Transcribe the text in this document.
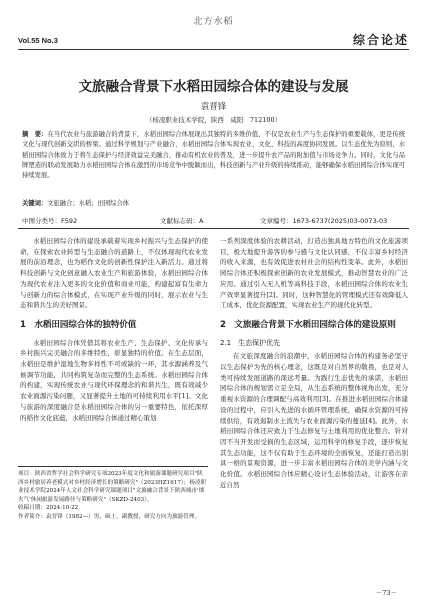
北方水稻
Vol.55 No.3	综合论述
文旅融合背景下水稻田园综合体的建设与发展
袁晋锋
（杨凌职业技术学院，陕西　咸阳　712100）
摘　要：在当代农业与旅游融合的背景下，水稻田园综合体展现出其独特的多维价值，不仅是农业生产与生态保护的重要载体，更是传统文化与现代创新交织的桥梁。通过科学规划与产业融合，水稻田园综合体实现农业、文化、科技的高度协同发展。以生态优先为原则，水稻田园综合体致力于将生态保护与经济效益完美融合，推动有机农业的普及，进一步提升农产品的附加值与市场竞争力。同时，文化与品牌塑造的联动发展助力水稻田园综合体在激烈的市场竞争中脱颖而出，科技创新与产业升级的持续推动，能够确保水稻田园综合体实现可持续发展。
关键词：文旅融合；水稻；田园综合体
中图分类号：F592	文献标志码：A	文章编号：1673-6737(2025)03-0073-03

水稻田园综合体的建设承载着实现乡村振兴与生态保护的使命，在探索农业转型与生态融合的道路上，不仅体现现代农业发展的前沿理念，也为稻作文化的创新性保护注入新活力。通过将科技创新与文化创意融入农业生产和旅游体验，水稻田园综合体为现代农业注入更多的文化价值和商业可能，构建起富有生命力与创新力的综合体模式，在实现产业升级的同时，展示农业与生态和谐共生的美好图景。

1　水稻田园综合体的独特价值

水稻田园综合体凭借其将农业生产、生态保护、文化传承与乡村振兴完美融合的多维特性，彰显独特的价值。在生态层面，水稻田是维护湿地生物多样性不可或缺的一环，其水源涵养及气候调节功能，共同构筑复杂而完整的生态系统。水稻田园综合体的构建，实现传统农业与现代环保理念的和谐共生，既有效减少农业面源污染问题，又显著提升土地的可持续利用水平[1]。文化与旅游的深度融合是水稻田园综合体的另一重要特色，依托深厚的稻作文化底蕴，水稻田园综合体通过精心策划

一系列深度体验的农耕活动，打造出独具地方特色的文化旅游项目，极大地提升游客的参与感与文化认同感，不仅丰富乡村经济的收入来源，也有效促进农村社会的结构性变革。此外，水稻田园综合体还积极探索创新的农业发展模式，推动智慧农业的广泛应用。通过引入无人机等高科技手段，水稻田园综合体的农业生产效率显著提升[2]。同时，这种智慧化的管理模式还有效降低人工成本，优化资源配置，实现农业生产的现代化转型。

2　文旅融合背景下水稻田园综合体的建设原则
2.1　生态保护优先

在文旅深度融合的浪潮中，水稻田园综合体的构建务必坚守以生态保护为先的核心理念，这既是对自然界的敬畏，也是对人类可持续发展道路的深远考量。为践行生态优先的承诺，水稻田园综合体的规划需立足全局，从生态系统的整体视角出发，充分重视水资源的合理调配与高效利用[3]。在推进水稻田园综合体建设的过程中，应引入先进的水循环管理系统，确保水资源的可持续供给，有效遏制水土流失与农业面源污染的蔓延[4]。此外，水稻田园综合体还应致力于生态修复与土地利用的优化整合。针对因不当开发而受损的生态区域，运用科学的修复手段，逐步恢复其生态功能，这不仅有助于生态环境的全面恢复，还能打造出别具一格的景观资源，进一步丰富水稻田园综合体的美学内涵与文化价值。水稻田园综合体应精心设计生态体验活动，让游客在亲近自然

项目：陕西省哲学社会科学研究专项2023年度文化和旅游课题研究项目"陕西乡村旅居养老模式对乡村经济增长的策略研究"（2023HZ1617）；杨凌职业技术学院2024年人文社会科学研究课题项目"文旅融合背景下陕西城市'烟火气'休闲旅游发展路径与策略研究"（SKZD-2403）。

收稿日期：2024-10-22

作者简介：袁晋锋（1982—）男，硕士，副教授，研究方向为旅游管理。

－73－
